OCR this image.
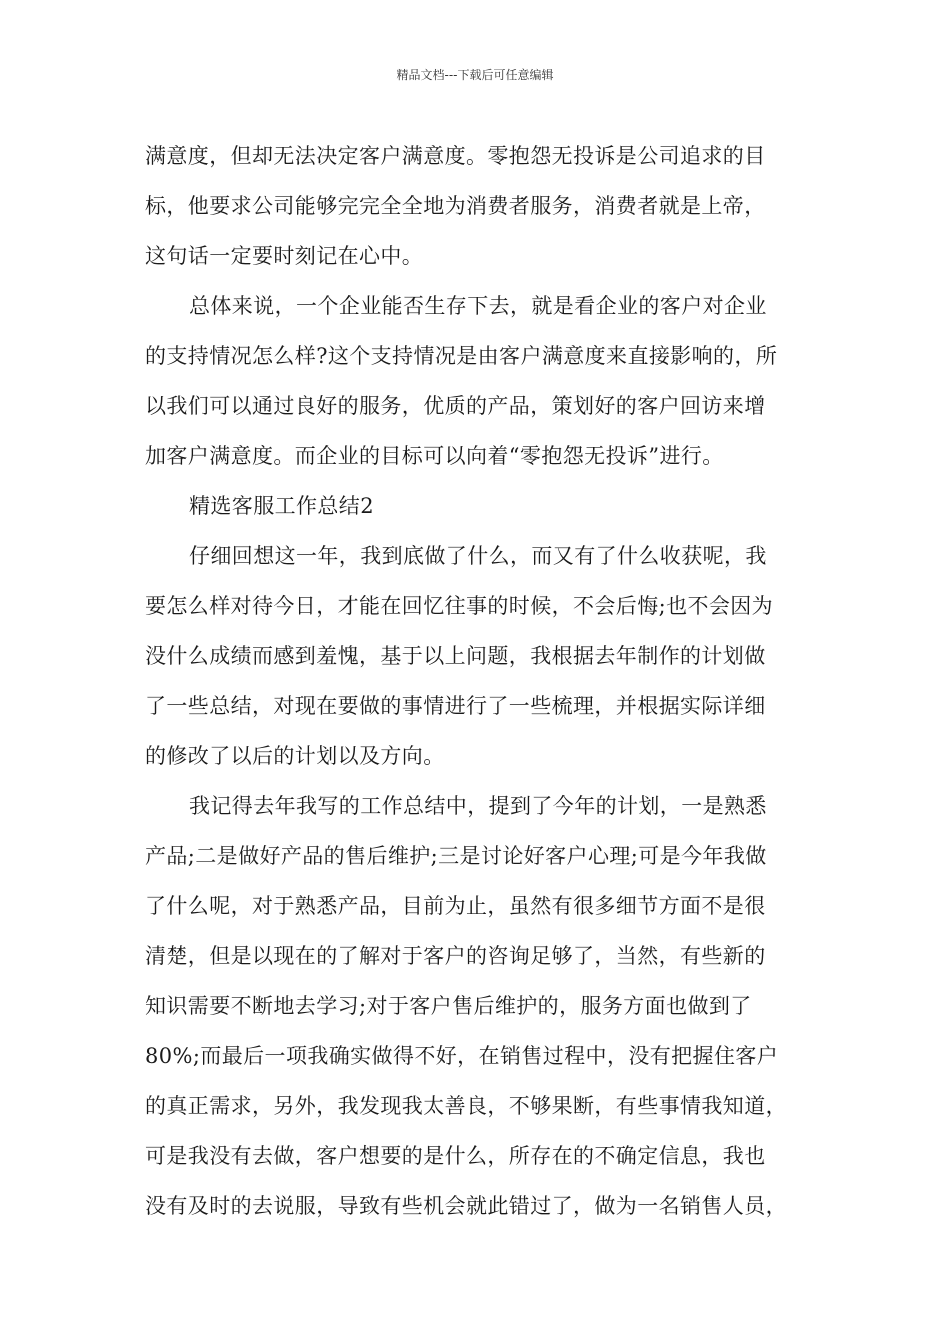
精品文档---下载后可任意编辑
满意度，但却无法决定客户满意度。零抱怨无投诉是公司追求的目
标，他要求公司能够完完全全地为消费者服务，消费者就是上帝，
这句话一定要时刻记在心中。
总体来说，一个企业能否生存下去，就是看企业的客户对企业
的支持情况怎么样?这个支持情况是由客户满意度来直接影响的，所
以我们可以通过良好的服务，优质的产品，策划好的客户回访来增
加客户满意度。而企业的目标可以向着“零抱怨无投诉”进行。
精选客服工作总结2
仔细回想这一年，我到底做了什么，而又有了什么收获呢，我
要怎么样对待今日，才能在回忆往事的时候，不会后悔;也不会因为
没什么成绩而感到羞愧，基于以上问题，我根据去年制作的计划做
了一些总结，对现在要做的事情进行了一些梳理，并根据实际详细
的修改了以后的计划以及方向。
我记得去年我写的工作总结中，提到了今年的计划，一是熟悉
产品;二是做好产品的售后维护;三是讨论好客户心理;可是今年我做
了什么呢，对于熟悉产品，目前为止，虽然有很多细节方面不是很
清楚，但是以现在的了解对于客户的咨询足够了，当然，有些新的
知识需要不断地去学习;对于客户售后维护的，服务方面也做到了
80%;而最后一项我确实做得不好，在销售过程中，没有把握住客户
的真正需求，另外，我发现我太善良，不够果断，有些事情我知道，
可是我没有去做，客户想要的是什么，所存在的不确定信息，我也
没有及时的去说服，导致有些机会就此错过了，做为一名销售人员，
